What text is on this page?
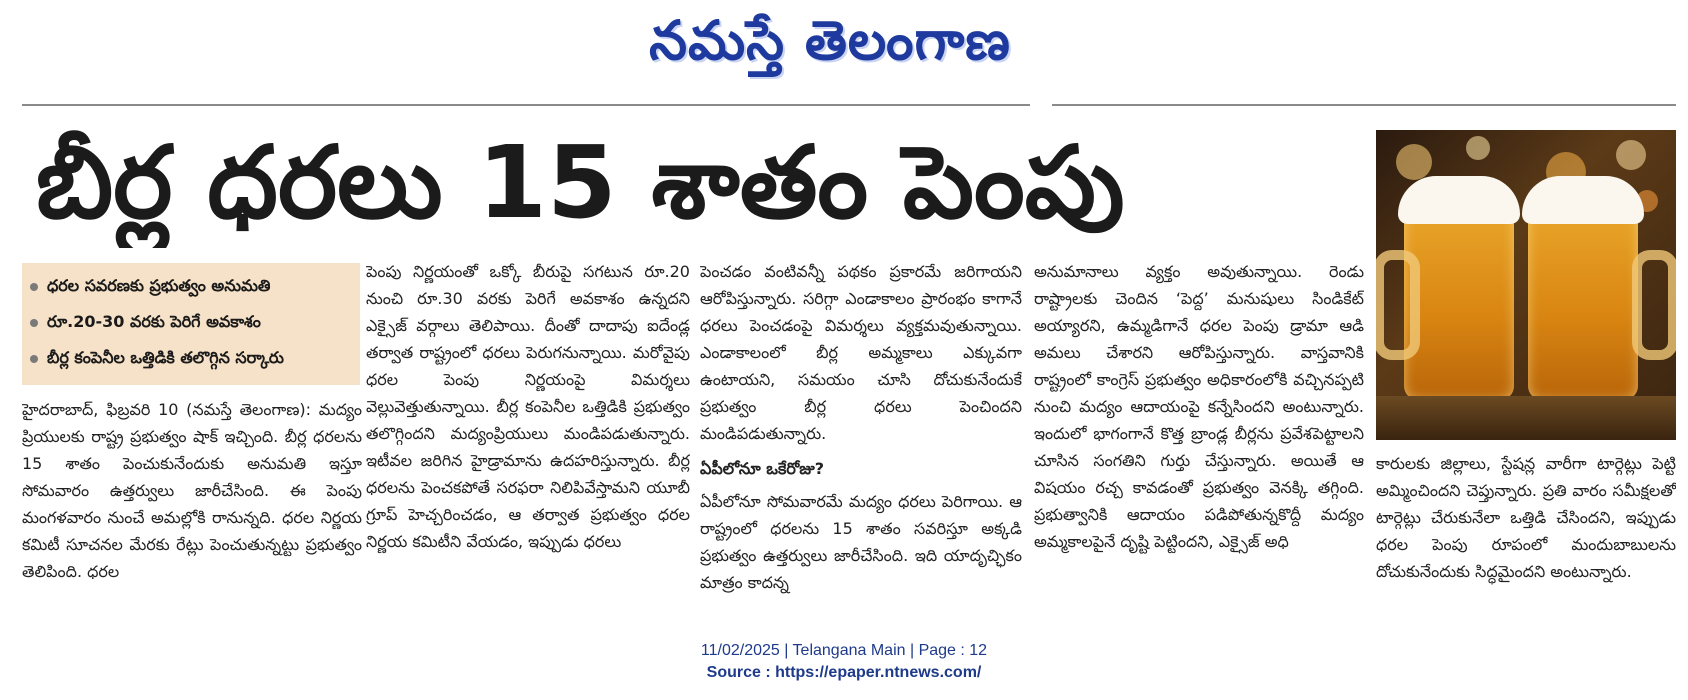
నమస్తే తెలంగాణ
బీర్ల ధరలు 15 శాతం పెంపు
ధరల సవరణకు ప్రభుత్వం అనుమతి
రూ.20-30 వరకు పెరిగే అవకాశం
బీర్ల కంపెనీల ఒత్తిడికి తలొగ్గిన సర్కారు
హైదరాబాద్, ఫిబ్రవరి 10 (నమస్తే తెలంగాణ): మద్యం ప్రియులకు రాష్ట్ర ప్రభుత్వం షాక్ ఇచ్చింది. బీర్ల ధరలను 15 శాతం పెంచుకునేందుకు అనుమతి ఇస్తూ సోమవారం ఉత్తర్వులు జారీచేసింది. ఈ పెంపు మంగళవారం నుంచే అమల్లోకి రానున్నది. ధరల నిర్ణయ కమిటీ సూచనల మేరకు రేట్లు పెంచుతున్నట్టు ప్రభుత్వం తెలిపింది. ధరల
పెంపు నిర్ణయంతో ఒక్కో బీరుపై సగటున రూ.20 నుంచి రూ.30 వరకు పెరిగే అవకాశం ఉన్నదని ఎక్సైజ్ వర్గాలు తెలిపాయి. దీంతో దాదాపు ఐదేండ్ల తర్వాత రాష్ట్రంలో ధరలు పెరుగనున్నాయి. మరోవైపు ధరల పెంపు నిర్ణయంపై విమర్శలు వెల్లువెత్తుతున్నాయి. బీర్ల కంపెనీల ఒత్తిడికి ప్రభుత్వం తలొగ్గిందని మద్యంప్రియులు మండిపడుతున్నారు. ఇటీవల జరిగిన హైడ్రామాను ఉదహరిస్తున్నారు. బీర్ల ధరలను పెంచకపోతే సరఫరా నిలిపివేస్తామని యూబీ గ్రూప్ హెచ్చరించడం, ఆ తర్వాత ప్రభుత్వం ధరల నిర్ణయ కమిటీని వేయడం, ఇప్పుడు ధరలు
పెంచడం వంటివన్నీ పథకం ప్రకారమే జరిగాయని ఆరోపిస్తున్నారు. సరిగ్గా ఎండాకాలం ప్రారంభం కాగానే ధరలు పెంచడంపై విమర్శలు వ్యక్తమవుతున్నాయి. ఎండాకాలంలో బీర్ల అమ్మకాలు ఎక్కువగా ఉంటాయని, సమయం చూసి దోచుకునేందుకే ప్రభుత్వం బీర్ల ధరలు పెంచిందని మండిపడుతున్నారు.
ఏపీలోనూ ఒకేరోజు?
ఏపీలోనూ సోమవారమే మద్యం ధరలు పెరిగాయి. ఆ రాష్ట్రంలో ధరలను 15 శాతం సవరిస్తూ అక్కడి ప్రభుత్వం ఉత్తర్వులు జారీచేసింది. ఇది యాదృచ్ఛికం మాత్రం కాదన్న
అనుమానాలు వ్యక్తం అవుతున్నాయి. రెండు రాష్ట్రాలకు చెందిన ‘పెద్ద’ మనుషులు సిండికేట్ అయ్యారని, ఉమ్మడిగానే ధరల పెంపు డ్రామా ఆడి అమలు చేశారని ఆరోపిస్తున్నారు. వాస్తవానికి రాష్ట్రంలో కాంగ్రెస్ ప్రభుత్వం అధికారంలోకి వచ్చినప్పటి నుంచి మద్యం ఆదాయంపై కన్నేసిందని అంటున్నారు. ఇందులో భాగంగానే కొత్త బ్రాండ్ల బీర్లను ప్రవేశపెట్టాలని చూసిన సంగతిని గుర్తు చేస్తున్నారు. అయితే ఆ విషయం రచ్చ కావడంతో ప్రభుత్వం వెనక్కి తగ్గింది. ప్రభుత్వానికి ఆదాయం పడిపోతున్నకొద్దీ మద్యం అమ్మకాలపైనే దృష్టి పెట్టిందని, ఎక్సైజ్ అధి
కారులకు జిల్లాలు, స్టేషన్ల వారీగా టార్గెట్లు పెట్టి అమ్మించిందని చెప్తున్నారు. ప్రతి వారం సమీక్షలతో టార్గెట్లు చేరుకునేలా ఒత్తిడి చేసిందని, ఇప్పుడు ధరల పెంపు రూపంలో మందుబాబులను దోచుకునేందుకు సిద్ధమైందని అంటున్నారు.
11/02/2025 | Telangana Main | Page : 12
Source : https://epaper.ntnews.com/
